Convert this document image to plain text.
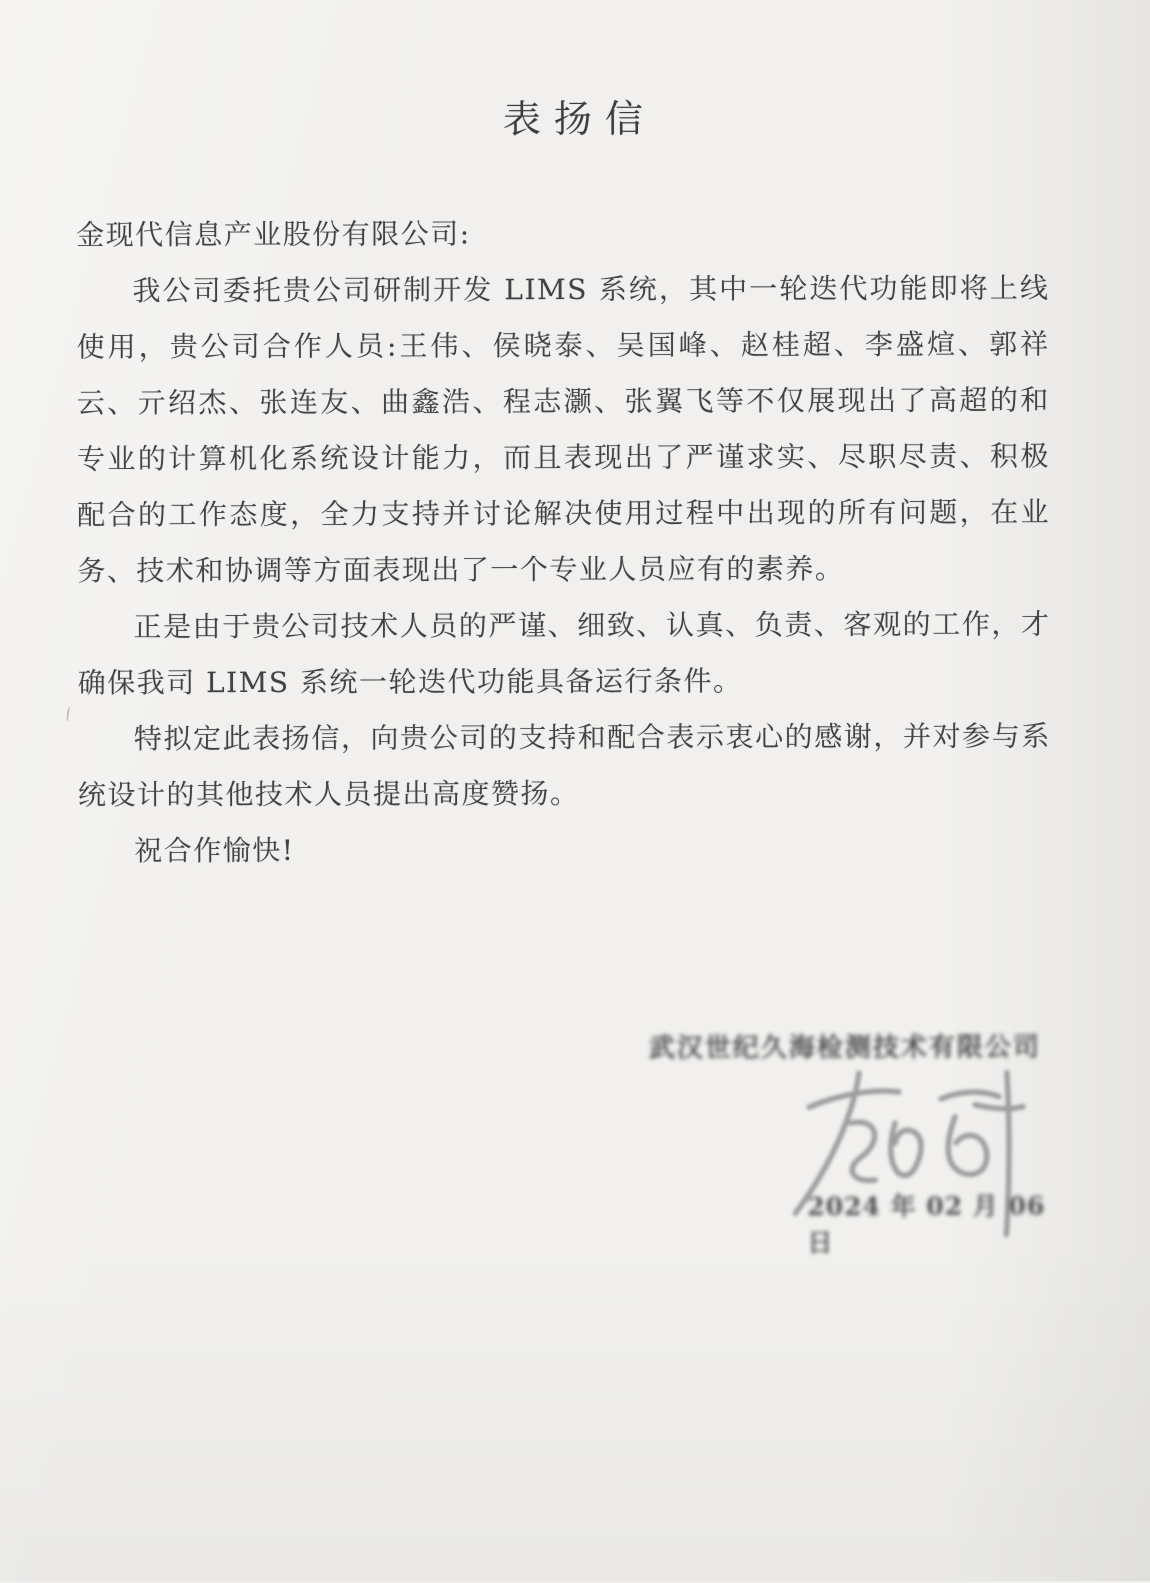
表扬信

金现代信息产业股份有限公司:

我公司委托贵公司研制开发 LIMS 系统，其中一轮迭代功能即将上线使用，贵公司合作人员:王伟、侯晓泰、吴国峰、赵桂超、李盛煊、郭祥云、亓绍杰、张连友、曲鑫浩、程志灏、张翼飞等不仅展现出了高超的和专业的计算机化系统设计能力，而且表现出了严谨求实、尽职尽责、积极配合的工作态度，全力支持并讨论解决使用过程中出现的所有问题，在业务、技术和协调等方面表现出了一个专业人员应有的素养。

正是由于贵公司技术人员的严谨、细致、认真、负责、客观的工作，才确保我司 LIMS 系统一轮迭代功能具备运行条件。

特拟定此表扬信，向贵公司的支持和配合表示衷心的感谢，并对参与系统设计的其他技术人员提出高度赞扬。

祝合作愉快!

武汉世纪久海检测技术有限公司
2024 年 02 月 06 日
